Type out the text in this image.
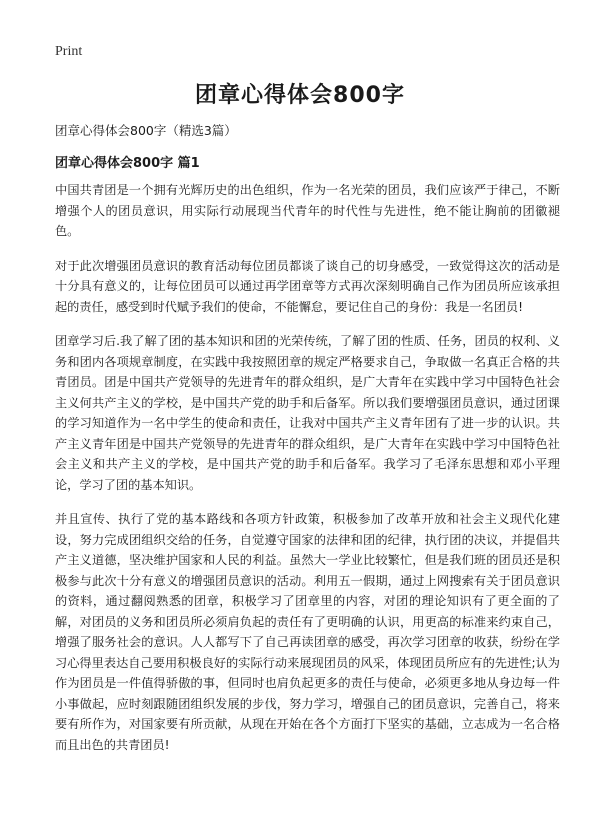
Print
团章心得体会800字

团章心得体会800字（精选3篇）

团章心得体会800字 篇1

中国共青团是一个拥有光辉历史的出色组织，作为一名光荣的团员，我们应该严于律己，不断增强个人的团员意识，用实际行动展现当代青年的时代性与先进性，绝不能让胸前的团徽褪色。

对于此次增强团员意识的教育活动每位团员都谈了谈自己的切身感受，一致觉得这次的活动是十分具有意义的，让每位团员可以通过再学团章等方式再次深刻明确自己作为团员所应该承担起的责任，感受到时代赋予我们的使命，不能懈怠，要记住自己的身份：我是一名团员!

团章学习后.我了解了团的基本知识和团的光荣传统，了解了团的性质、任务，团员的权利、义务和团内各项规章制度，在实践中我按照团章的规定严格要求自己，争取做一名真正合格的共青团员。团是中国共产党领导的先进青年的群众组织，是广大青年在实践中学习中国特色社会主义何共产主义的学校，是中国共产党的助手和后备军。所以我们要增强团员意识，通过团课的学习知道作为一名中学生的使命和责任，让我对中国共产主义青年团有了进一步的认识。共产主义青年团是中国共产党领导的先进青年的群众组织，是广大青年在实践中学习中国特色社会主义和共产主义的学校，是中国共产党的助手和后备军。我学习了毛泽东思想和邓小平理论，学习了团的基本知识。

并且宣传、执行了党的基本路线和各项方针政策，积极参加了改革开放和社会主义现代化建设，努力完成团组织交给的任务，自觉遵守国家的法律和团的纪律，执行团的决议，并提倡共产主义道德，坚决维护国家和人民的利益。虽然大一学业比较繁忙，但是我们班的团员还是积极参与此次十分有意义的增强团员意识的活动。利用五一假期，通过上网搜索有关于团员意识的资料，通过翻阅熟悉的团章，积极学习了团章里的内容，对团的理论知识有了更全面的了解，对团员的义务和团员所必须肩负起的责任有了更明确的认识，用更高的标准来约束自己，增强了服务社会的意识。人人都写下了自己再读团章的感受，再次学习团章的收获，纷纷在学习心得里表达自己要用积极良好的实际行动来展现团员的风采，体现团员所应有的先进性;认为作为团员是一件值得骄傲的事，但同时也肩负起更多的责任与使命，必须更多地从身边每一件小事做起，应时刻跟随团组织发展的步伐，努力学习，增强自己的团员意识，完善自己，将来要有所作为，对国家要有所贡献，从现在开始在各个方面打下坚实的基础，立志成为一名合格而且出色的共青团员!
